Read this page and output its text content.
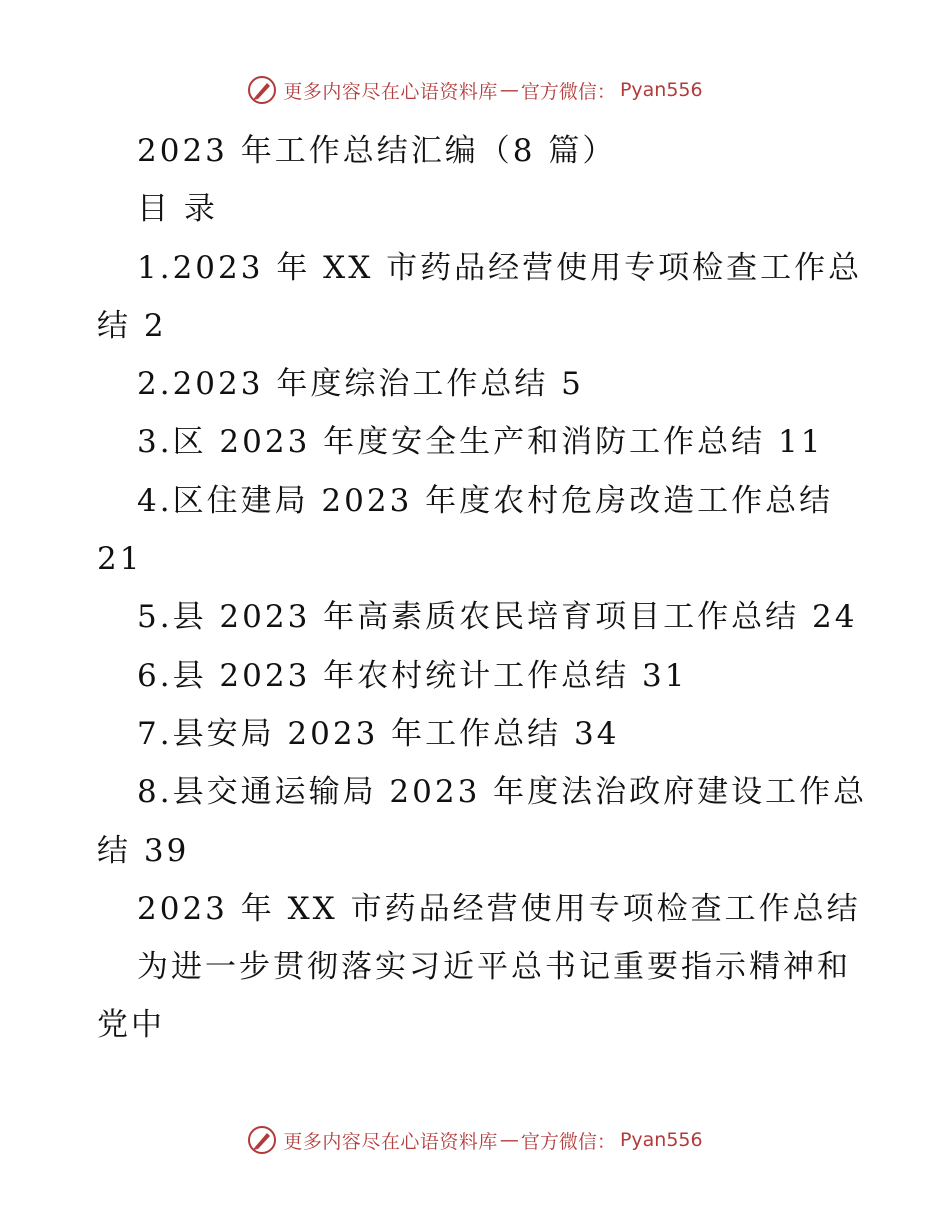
更多内容尽在心语资料库 — 官方微信： Pyan556
2023 年工作总结汇编（8 篇）
目 录
1.2023 年 XX 市药品经营使用专项检查工作总
结 2
2.2023 年度综治工作总结 5
3.区 2023 年度安全生产和消防工作总结 11
4.区住建局 2023 年度农村危房改造工作总结
21
5.县 2023 年高素质农民培育项目工作总结 24
6.县 2023 年农村统计工作总结 31
7.县安局 2023 年工作总结 34
8.县交通运输局 2023 年度法治政府建设工作总
结 39
2023 年 XX 市药品经营使用专项检查工作总结
为进一步贯彻落实习近平总书记重要指示精神和
党中
更多内容尽在心语资料库 — 官方微信： Pyan556
